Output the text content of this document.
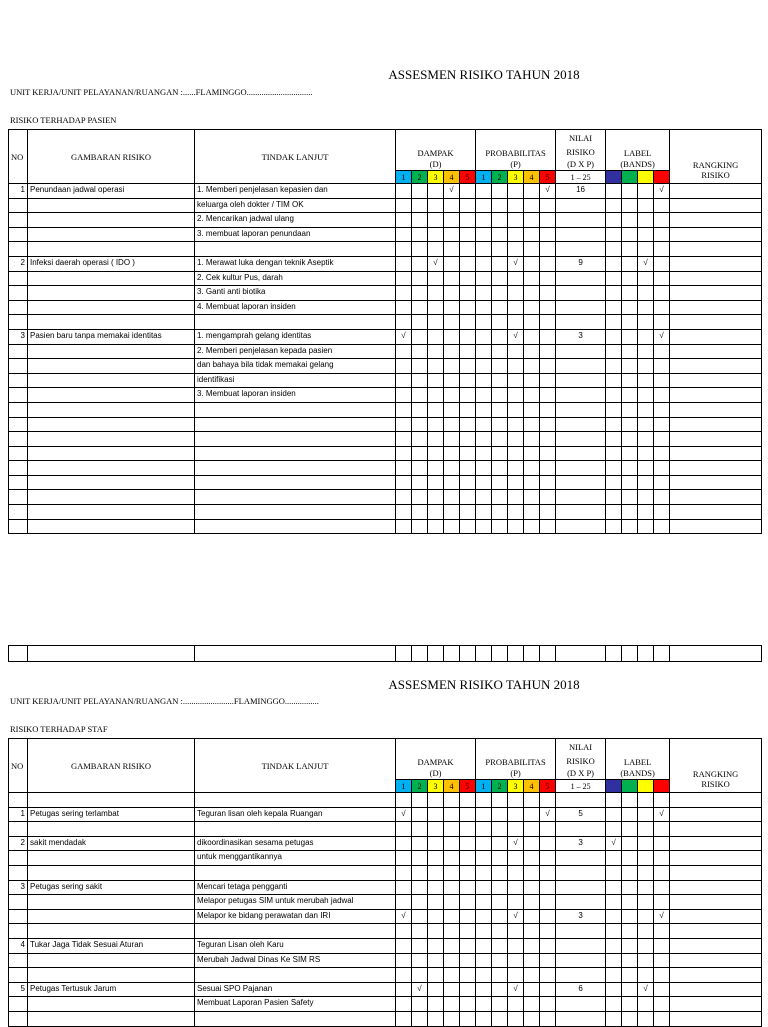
ASSESMEN RISIKO TAHUN 2018
UNIT KERJA/UNIT PELAYANAN/RUANGAN :......FLAMINGGO...............................
RISIKO TERHADAP PASIEN
NO	GAMBARAN RISIKO	TINDAK LANJUT	DAMPAK					PROBABILITAS					NILAI	LABEL				RANGKING
RISIKO

													RISIKO					
			(D)					(P)					(D X P)	(BANDS)				
			1	2	3	4	5	1	2	3	4	5	1 – 25					
1	Penundaan jadwal operasi	1. Memberi penjelasan kepasien dan				√						√	16				√	
		keluarga oleh dokter / TIM OK																
		2. Mencarikan jadwal ulang																
		3. membuat laporan penundaan																

2	Infeksi daerah operasi ( IDO )	1. Merawat luka dengan teknik Aseptik			√					√			9			√		
		2. Cek kultur Pus, darah																
		3. Ganti anti biotika																
		4. Membuat laporan insiden																

3	Pasien baru tanpa memakai identitas	1. mengamprah gelang identitas	√							√			3				√	
		2. Memberi penjelasan kepada pasien																
		dan bahaya bila tidak memakai gelang																
		identifikasi																
		3. Membuat laporan insiden																

ASSESMEN RISIKO TAHUN 2018
UNIT KERJA/UNIT PELAYANAN/RUANGAN :........................FLAMINGGO................
RISIKO TERHADAP STAF
NO	GAMBARAN RISIKO	TINDAK LANJUT	DAMPAK					PROBABILITAS					NILAI	LABEL				RANGKING
RISIKO

													RISIKO					
			(D)					(P)					(D X P)	(BANDS)				
			1	2	3	4	5	1	2	3	4	5	1 – 25					

1	Petugas sering terlambat	Teguran lisan oleh kepala Ruangan	√									√	5				√	

2	sakit mendadak	dikoordinasikan sesama petugas								√			3	√				
		untuk menggantikannya																

3	Petugas sering sakit	Mencari tetaga pengganti																
		Melapor petugas SIM untuk merubah jadwal																
		Melapor ke bidang perawatan dan IRI	√							√			3				√	

4	Tukar Jaga Tidak Sesuai Aturan	Teguran Lisan oleh Karu																
		Merubah Jadwal Dinas Ke SIM RS																

5	Petugas Tertusuk Jarum	Sesuai SPO Pajanan		√						√			6			√		
		Membuat Laporan Pasien Safety																
